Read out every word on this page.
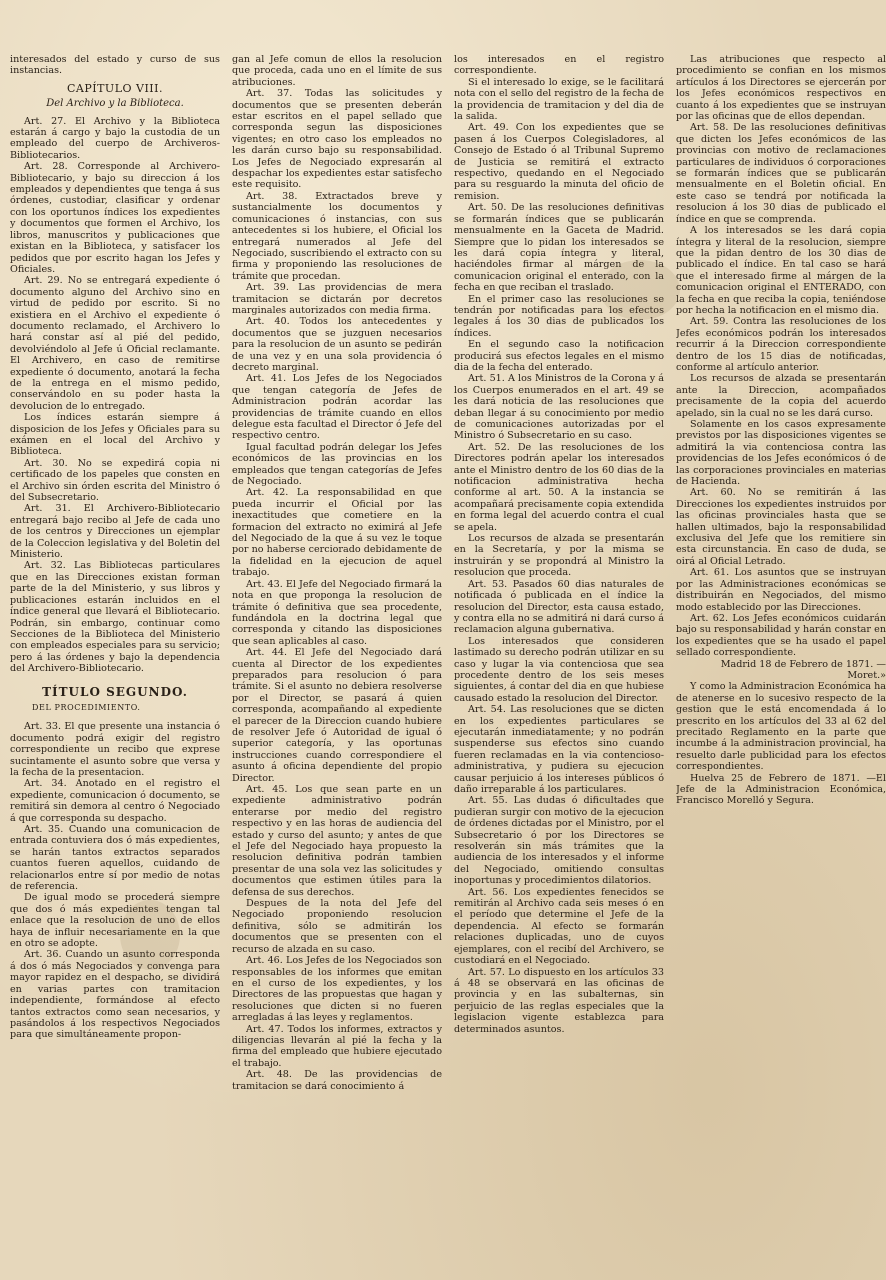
interesados del estado y curso de sus instancias.

CAPÍTULO VIII.
Del Archivo y la Biblioteca.

Art. 27. El Archivo y la Biblioteca estarán á cargo y bajo la custodia de un empleado del cuerpo de Archiveros-Bibliotecarios.

Art. 28. Corresponde al Archivero-Bibliotecario, y bajo su direccion á los empleados y dependientes que tenga á sus órdenes, custodiar, clasificar y ordenar con los oportunos índices los expedientes y documentos que formen el Archivo, los libros, manuscritos y publicaciones que existan en la Biblioteca, y satisfacer los pedidos que por escrito hagan los Jefes y Oficiales.

Art. 29. No se entregará expediente ó documento alguno del Archivo sino en virtud de pedido por escrito. Si no existiera en el Archivo el expediente ó documento reclamado, el Archivero lo hará constar así al pié del pedido, devolviéndolo al Jefe ú Oficial reclamante. El Archivero, en caso de remitirse expediente ó documento, anotará la fecha de la entrega en el mismo pedido, conservándolo en su poder hasta la devolucion de lo entregado.

Los índices estarán siempre á disposicion de los Jefes y Oficiales para su exámen en el local del Archivo y Biblioteca.

Art. 30. No se expedirá copia ni certificado de los papeles que consten en el Archivo sin órden escrita del Ministro ó del Subsecretario.

Art. 31. El Archivero-Bibliotecario entregará bajo recibo al Jefe de cada uno de los centros y Direcciones un ejemplar de la Coleccion legislativa y del Boletin del Ministerio.

Art. 32. Las Bibliotecas particulares que en las Direcciones existan forman parte de la del Ministerio, y sus libros y publicaciones estarán incluidos en el índice general que llevará el Bibliotecario. Podrán, sin embargo, continuar como Secciones de la Biblioteca del Ministerio con empleados especiales para su servicio; pero á las órdenes y bajo la dependencia del Archivero-Bibliotecario.

TÍTULO SEGUNDO.
DEL PROCEDIMIENTO.

Art. 33. El que presente una instancia ó documento podrá exigir del registro correspondiente un recibo que exprese sucintamente el asunto sobre que versa y la fecha de la presentacion.

Art. 34. Anotado en el registro el expediente, comunicacion ó documento, se remitirá sin demora al centro ó Negociado á que corresponda su despacho.

Art. 35. Cuando una comunicacion de entrada contuviera dos ó más expedientes, se harán tantos extractos separados cuantos fueren aquellos, cuidando de relacionarlos entre sí por medio de notas de referencia.

De igual modo se procederá siempre que dos ó más expedientes tengan tal enlace que la resolucion de uno de ellos haya de influir necesariamente en la que en otro se adopte.

Art. 36. Cuando un asunto corresponda á dos ó más Negociados y convenga para mayor rapidez en el despacho, se dividirá en varias partes con tramitacion independiente, formándose al efecto tantos extractos como sean necesarios, y pasándolos á los respectivos Negociados para que simultáneamente propon-

gan al Jefe comun de ellos la resolucion que proceda, cada uno en el límite de sus atribuciones.

Art. 37. Todas las solicitudes y documentos que se presenten deberán estar escritos en el papel sellado que corresponda segun las disposiciones vigentes; en otro caso los empleados no les darán curso bajo su responsabilidad. Los Jefes de Negociado expresarán al despachar los expedientes estar satisfecho este requisito.

Art. 38. Extractados breve y sustancialmente los documentos y comunicaciones ó instancias, con sus antecedentes si los hubiere, el Oficial los entregará numerados al Jefe del Negociado, suscribiendo el extracto con su firma y proponiendo las resoluciones de trámite que procedan.

Art. 39. Las providencias de mera tramitacion se dictarán por decretos marginales autorizados con media firma.

Art. 40. Todos los antecedentes y documentos que se juzguen necesarios para la resolucion de un asunto se pedirán de una vez y en una sola providencia ó decreto marginal.

Art. 41. Los Jefes de los Negociados que tengan categoría de Jefes de Administracion podrán acordar las providencias de trámite cuando en ellos delegue esta facultad el Director ó Jefe del respectivo centro.

Igual facultad podrán delegar los Jefes económicos de las provincias en los empleados que tengan categorías de Jefes de Negociado.

Art. 42. La responsabilidad en que pueda incurrir el Oficial por las inexactitudes que cometiere en la formacion del extracto no eximirá al Jefe del Negociado de la que á su vez le toque por no haberse cerciorado debidamente de la fidelidad en la ejecucion de aquel trabajo.

Art. 43. El Jefe del Negociado firmará la nota en que proponga la resolucion de trámite ó definitiva que sea procedente, fundándola en la doctrina legal que corresponda y citando las disposiciones que sean aplicables al caso.

Art. 44. El Jefe del Negociado dará cuenta al Director de los expedientes preparados para resolucion ó para trámite. Si el asunto no debiera resolverse por el Director, se pasará á quien corresponda, acompañando al expediente el parecer de la Direccion cuando hubiere de resolver Jefe ó Autoridad de igual ó superior categoría, y las oportunas instrucciones cuando correspondiere el asunto á oficina dependiente del propio Director.

Art. 45. Los que sean parte en un expediente administrativo podrán enterarse por medio del registro respectivo y en las horas de audiencia del estado y curso del asunto; y antes de que el Jefe del Negociado haya propuesto la resolucion definitiva podrán tambien presentar de una sola vez las solicitudes y documentos que estimen útiles para la defensa de sus derechos.

Despues de la nota del Jefe del Negociado proponiendo resolucion definitiva, sólo se admitirán los documentos que se presenten con el recurso de alzada en su caso.

Art. 46. Los Jefes de los Negociados son responsables de los informes que emitan en el curso de los expedientes, y los Directores de las propuestas que hagan y resoluciones que dicten si no fueren arregladas á las leyes y reglamentos.

Art. 47. Todos los informes, extractos y diligencias llevarán al pié la fecha y la firma del empleado que hubiere ejecutado el trabajo.

Art. 48. De las providencias de tramitacion se dará conocimiento á

los interesados en el registro correspondiente.

Si el interesado lo exige, se le facilitará nota con el sello del registro de la fecha de la providencia de tramitacion y del dia de la salida.

Art. 49. Con los expedientes que se pasen á los Cuerpos Colegisladores, al Consejo de Estado ó al Tribunal Supremo de Justicia se remitirá el extracto respectivo, quedando en el Negociado para su resguardo la minuta del oficio de remision.

Art. 50. De las resoluciones definitivas se formarán índices que se publicarán mensualmente en la Gaceta de Madrid. Siempre que lo pidan los interesados se les dará copia íntegra y literal, haciéndoles firmar al márgen de la comunicacion original el enterado, con la fecha en que reciban el traslado.

En el primer caso las resoluciones se tendrán por notificadas para los efectos legales á los 30 dias de publicados los índices.

En el segundo caso la notificacion producirá sus efectos legales en el mismo dia de la fecha del enterado.

Art. 51. A los Ministros de la Corona y á los Cuerpos enumerados en el art. 49 se les dará noticia de las resoluciones que deban llegar á su conocimiento por medio de comunicaciones autorizadas por el Ministro ó Subsecretario en su caso.

Art. 52. De las resoluciones de los Directores podrán apelar los interesados ante el Ministro dentro de los 60 dias de la notificacion administrativa hecha conforme al art. 50. A la instancia se acompañará precisamente copia extendida en forma legal del acuerdo contra el cual se apela.

Los recursos de alzada se presentarán en la Secretaría, y por la misma se instruirán y se propondrá al Ministro la resolucion que proceda.

Art. 53. Pasados 60 dias naturales de notificada ó publicada en el índice la resolucion del Director, esta causa estado, y contra ella no se admitirá ni dará curso á reclamacion alguna gubernativa.

Los interesados que consideren lastimado su derecho podrán utilizar en su caso y lugar la via contenciosa que sea procedente dentro de los seis meses siguientes, á contar del dia en que hubiese causado estado la resolucion del Director.

Art. 54. Las resoluciones que se dicten en los expedientes particulares se ejecutarán inmediatamente; y no podrán suspenderse sus efectos sino cuando fueren reclamadas en la via contencioso-administrativa, y pudiera su ejecucion causar perjuicio á los intereses públicos ó daño irreparable á los particulares.

Art. 55. Las dudas ó dificultades que pudieran surgir con motivo de la ejecucion de órdenes dictadas por el Ministro, por el Subsecretario ó por los Directores se resolverán sin más trámites que la audiencia de los interesados y el informe del Negociado, omitiendo consultas inoportunas y procedimientos dilatorios.

Art. 56. Los expedientes fenecidos se remitirán al Archivo cada seis meses ó en el período que determine el Jefe de la dependencia. Al efecto se formarán relaciones duplicadas, uno de cuyos ejemplares, con el recibí del Archivero, se custodiará en el Negociado.

Art. 57. Lo dispuesto en los artículos 33 á 48 se observará en las oficinas de provincia y en las subalternas, sin perjuicio de las reglas especiales que la legislacion vigente establezca para determinados asuntos.

Las atribuciones que respecto al procedimiento se confian en los mismos artículos á los Directores se ejercerán por los Jefes económicos respectivos en cuanto á los expedientes que se instruyan por las oficinas que de ellos dependan.

Art. 58. De las resoluciones definitivas que dicten los Jefes económicos de las provincias con motivo de reclamaciones particulares de individuos ó corporaciones se formarán índices que se publicarán mensualmente en el Boletin oficial. En este caso se tendrá por notificada la resolucion á los 30 dias de publicado el índice en que se comprenda.

A los interesados se les dará copia íntegra y literal de la resolucion, siempre que la pidan dentro de los 30 dias de publicado el índice. En tal caso se hará que el interesado firme al márgen de la comunicacion original el ENTERADO, con la fecha en que reciba la copia, teniéndose por hecha la notificacion en el mismo dia.

Art. 59. Contra las resoluciones de los Jefes económicos podrán los interesados recurrir á la Direccion correspondiente dentro de los 15 dias de notificadas, conforme al artículo anterior.

Los recursos de alzada se presentarán ante la Direccion, acompañados precisamente de la copia del acuerdo apelado, sin la cual no se les dará curso.

Solamente en los casos expresamente previstos por las disposiciones vigentes se admitirá la via contenciosa contra las providencias de los Jefes económicos ó de las corporaciones provinciales en materias de Hacienda.

Art. 60. No se remitirán á las Direcciones los expedientes instruidos por las oficinas provinciales hasta que se hallen ultimados, bajo la responsabilidad exclusiva del Jefe que los remitiere sin esta circunstancia. En caso de duda, se oirá al Oficial Letrado.

Art. 61. Los asuntos que se instruyan por las Administraciones económicas se distribuirán en Negociados, del mismo modo establecido por las Direcciones.

Art. 62. Los Jefes económicos cuidarán bajo su responsabilidad y harán constar en los expedientes que se ha usado el papel sellado correspondiente.

Madrid 18 de Febrero de 1871. —Moret.»

Y como la Administracion Económica ha de atenerse en lo sucesivo respecto de la gestion que le está encomendada á lo prescrito en los artículos del 33 al 62 del precitado Reglamento en la parte que incumbe á la administracion provincial, ha resuelto darle publicidad para los efectos correspondientes.

Huelva 25 de Febrero de 1871. —El Jefe de la Administracion Económica, Francisco Morelló y Segura.
